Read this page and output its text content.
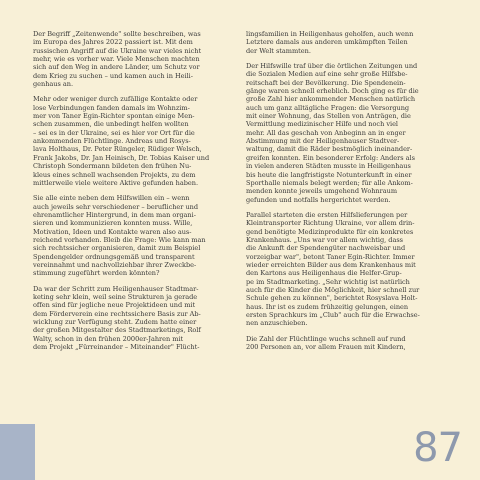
Der Begriff „Zeitenwende" sollte beschreiben, was
im Europa des Jahres 2022 passiert ist. Mit dem
russischen Angriff auf die Ukraine war vieles nicht
mehr, wie es vorher war. Viele Menschen machten
sich auf den Weg in andere Länder, um Schutz vor
dem Krieg zu suchen – und kamen auch in Heili-
genhaus an.

Mehr oder weniger durch zufällige Kontakte oder
lose Verbindungen fanden damals im Wohnzim-
mer von Taner Egin-Richter spontan einige Men-
schen zusammen, die unbedingt helfen wollten
– sei es in der Ukraine, sei es hier vor Ort für die
ankommenden Flüchtlinge. Andreas und Rosys-
lava Holthaus, Dr. Peter Rüngeler, Rüdiger Welsch,
Frank Jakobs, Dr. Jan Heinisch, Dr. Tobias Kaiser und
Christoph Sondermann bildeten den frühen Nu-
kleus eines schnell wachsenden Projekts, zu dem
mittlerweile viele weitere Aktive gefunden haben.

Sie alle einte neben dem Hilfswillen ein – wenn
auch jeweils sehr verschiedener – beruflicher und
ehrenamtlicher Hintergrund, in dem man organi-
sieren und kommunizieren konnten muss. Wille,
Motivation, Ideen und Kontakte waren also aus-
reichend vorhanden. Bleib die Frage: Wie kann man
sich rechtssicher organisieren, damit zum Beispiel
Spendengelder ordnungsgemäß und transparent
vereinnahmt und nachvollziehbar ihrer Zweckbe-
stimmung zugeführt werden könnten?

Da war der Schritt zum Heiligenhauser Stadtmar-
keting sehr klein, weil seine Strukturen ja gerade
offen sind für jegliche neue Projektideen und mit
dem Förderverein eine rechtssichere Basis zur Ab-
wicklung zur Verfügung steht. Zudem hatte einer
der großen Mitgestalter des Stadtmarketings, Rolf
Walty, schon in den frühen 2000er-Jahren mit
dem Projekt „Fürreinander – Miteinander" Flücht-

lingsfamilien in Heiligenhaus geholfen, auch wenn
Letztere damals aus anderen umkämpften Teilen
der Welt stammten.

Der Hilfswille traf über die örtlichen Zeitungen und
die Sozialen Medien auf eine sehr große Hilfsbe-
reitschaft bei der Bevölkerung. Die Spendenein-
gänge waren schnell erheblich. Doch ging es für die
große Zahl hier ankommender Menschen natürlich
auch um ganz alltägliche Fragen: die Versorgung
mit einer Wohnung, das Stellen von Anträgen, die
Vermittlung medizinischer Hilfe und noch viel
mehr. All das geschah von Anbeginn an in enger
Abstimmung mit der Heiligenhauser Stadtver-
waltung, damit die Räder bestmöglich ineinander-
greifen konnten. Ein besonderer Erfolg: Anders als
in vielen anderen Städten musste in Heiligenhaus
bis heute die langfristigste Notunterkunft in einer
Sporthalle niemals belegt werden; für alle Ankom-
menden konnte jeweils umgehend Wohnraum
gefunden und notfalls hergerichtet werden.

Parallel starteten die ersten Hilfslieferungen per
Kleintransporter Richtung Ukraine, vor allem drin-
gend benötigte Medizinprodukte für ein konkretes
Krankenhaus. „Uns war vor allem wichtig, dass
die Ankunft der Spendengüter nachweisbar und
vorzeigbar war", betont Taner Egin-Richter. Immer
wieder erreichten Bilder aus dem Krankenhaus mit
den Kartons aus Heiligenhaus die Helfer-Grup-
pe im Stadtmarketing. „Sehr wichtig ist natürlich
auch für die Kinder die Möglichkeit, hier schnell zur
Schule gehen zu können", berichtet Rosyslava Holt-
haus. Ihr ist es zudem frühzeitig gelungen, einen
ersten Sprachkurs im „Club" auch für die Erwachse-
nen anzuschieben.

Die Zahl der Flüchtlinge wuchs schnell auf rund
200 Personen an, vor allem Frauen mit Kindern,

87
